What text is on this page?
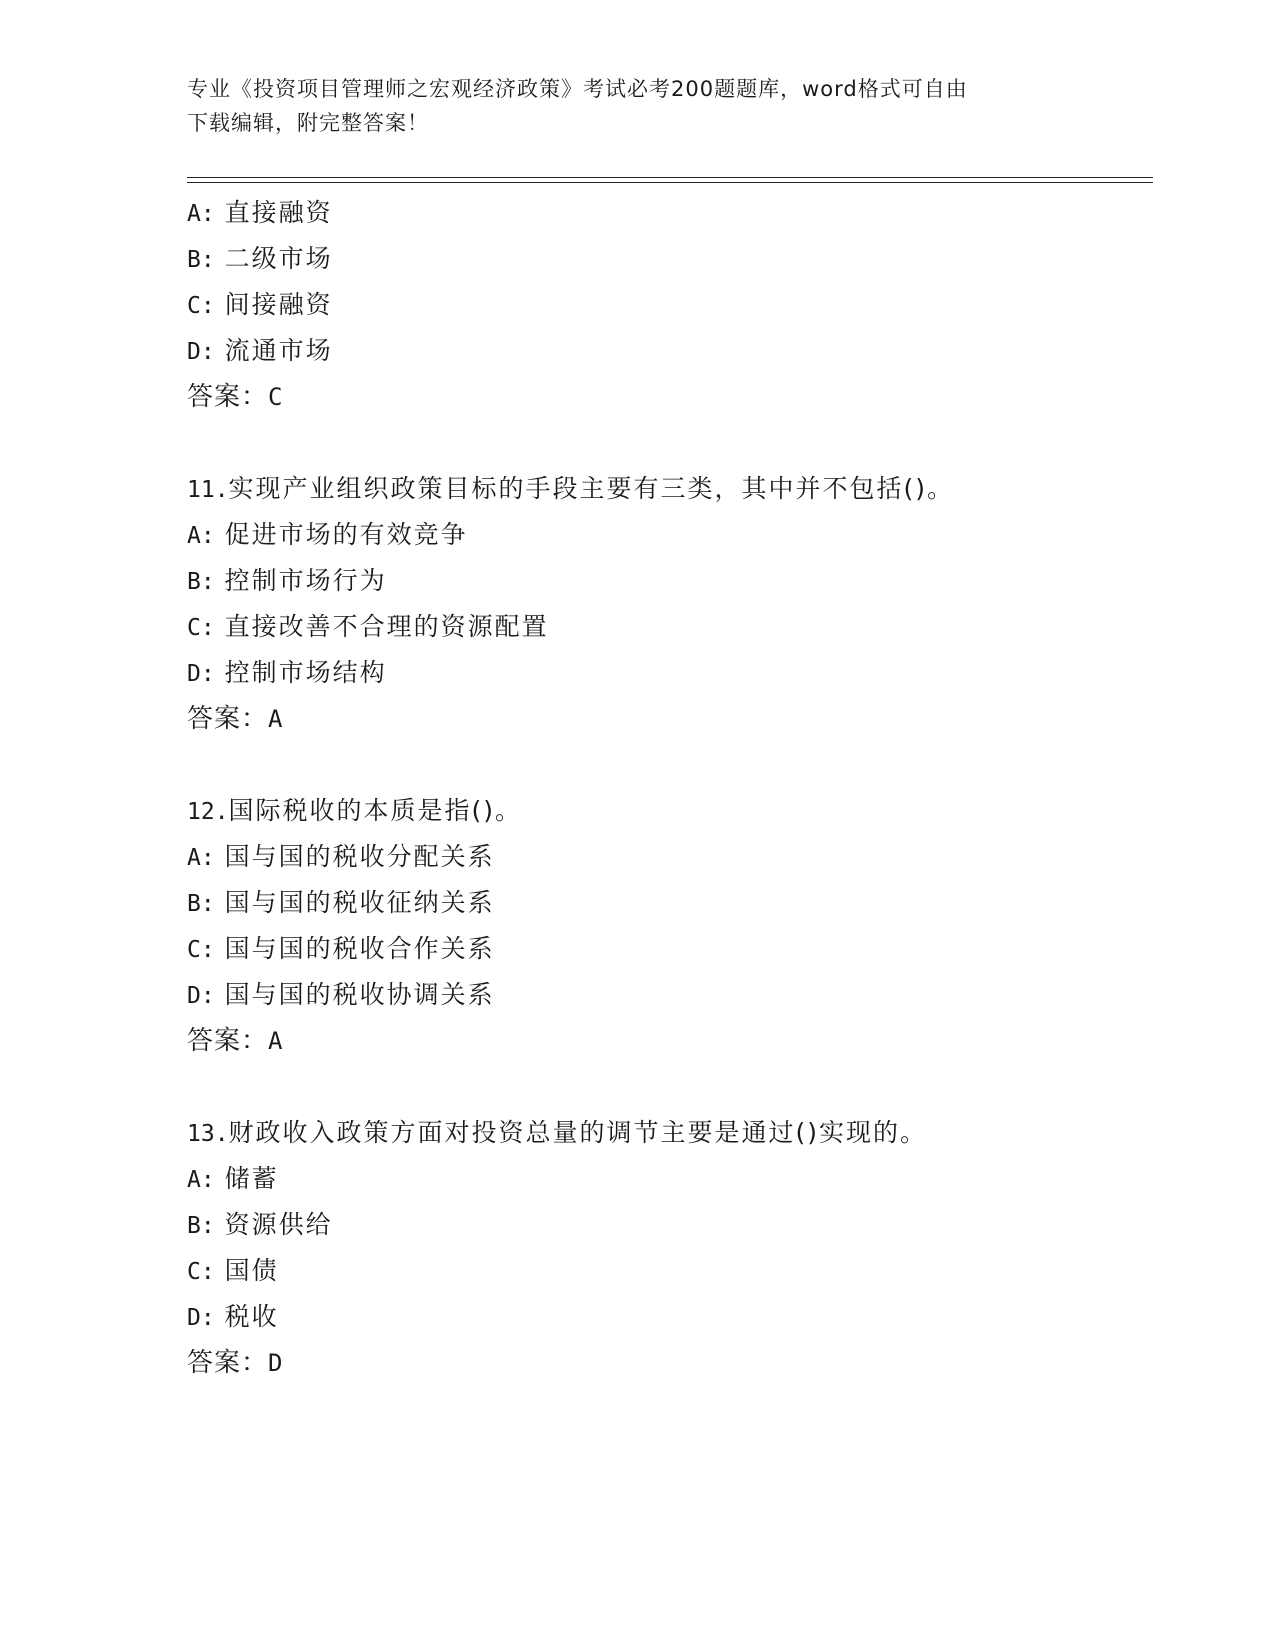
专业《投资项目管理师之宏观经济政策》考试必考200题题库，word格式可自由
下载编辑，附完整答案！
A: 直接融资
B: 二级市场
C: 间接融资
D: 流通市场
答案：C
11.实现产业组织政策目标的手段主要有三类，其中并不包括()。
A: 促进市场的有效竞争
B: 控制市场行为
C: 直接改善不合理的资源配置
D: 控制市场结构
答案：A
12.国际税收的本质是指()。
A: 国与国的税收分配关系
B: 国与国的税收征纳关系
C: 国与国的税收合作关系
D: 国与国的税收协调关系
答案：A
13.财政收入政策方面对投资总量的调节主要是通过()实现的。
A: 储蓄
B: 资源供给
C: 国债
D: 税收
答案：D
